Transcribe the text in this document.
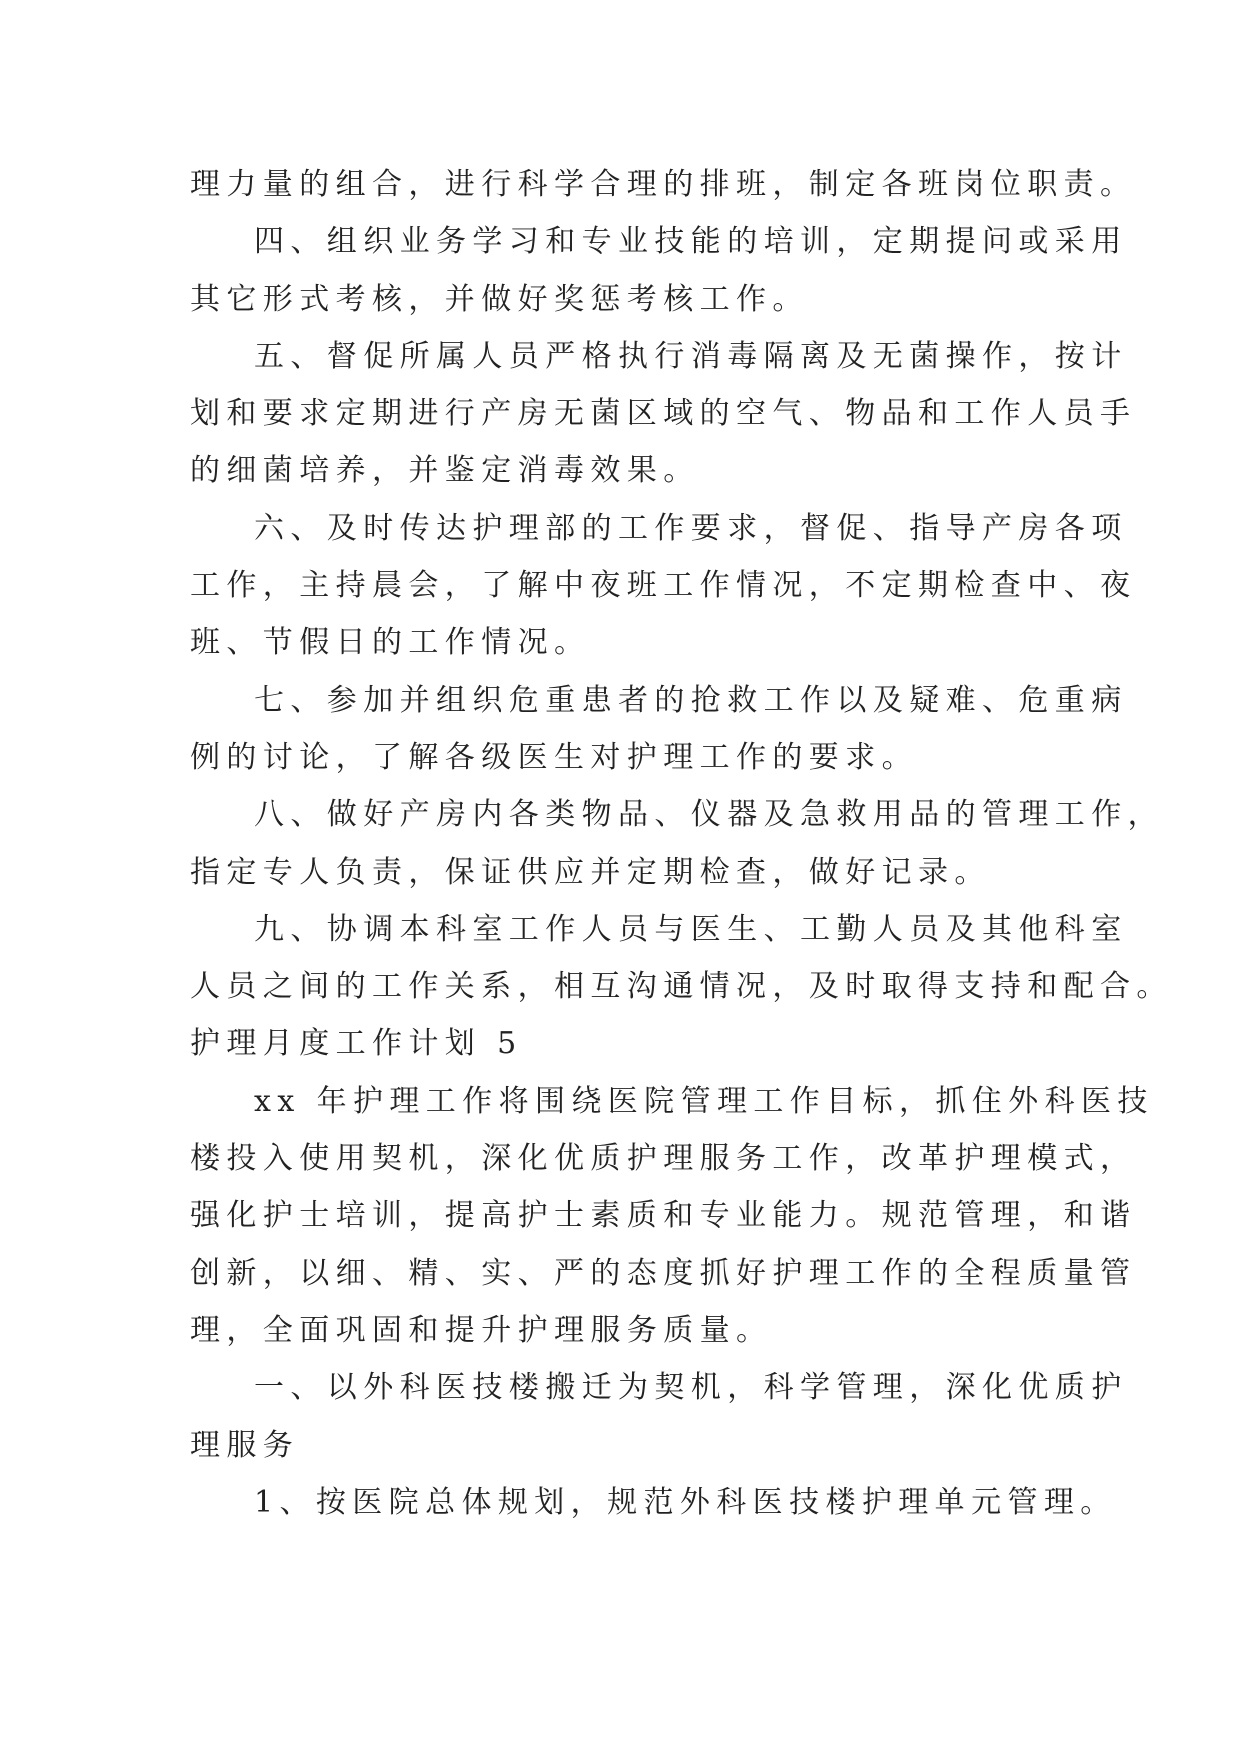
理力量的组合，进行科学合理的排班，制定各班岗位职责。
四、组织业务学习和专业技能的培训，定期提问或采用
其它形式考核，并做好奖惩考核工作。
五、督促所属人员严格执行消毒隔离及无菌操作，按计
划和要求定期进行产房无菌区域的空气、物品和工作人员手
的细菌培养，并鉴定消毒效果。
六、及时传达护理部的工作要求，督促、指导产房各项
工作，主持晨会，了解中夜班工作情况，不定期检查中、夜
班、节假日的工作情况。
七、参加并组织危重患者的抢救工作以及疑难、危重病
例的讨论，了解各级医生对护理工作的要求。
八、做好产房内各类物品、仪器及急救用品的管理工作，
指定专人负责，保证供应并定期检查，做好记录。
九、协调本科室工作人员与医生、工勤人员及其他科室
人员之间的工作关系，相互沟通情况，及时取得支持和配合。
护理月度工作计划 5
xx 年护理工作将围绕医院管理工作目标，抓住外科医技
楼投入使用契机，深化优质护理服务工作，改革护理模式，
强化护士培训，提高护士素质和专业能力。规范管理，和谐
创新，以细、精、实、严的态度抓好护理工作的全程质量管
理，全面巩固和提升护理服务质量。
一、以外科医技楼搬迁为契机，科学管理，深化优质护
理服务
1、按医院总体规划，规范外科医技楼护理单元管理。
